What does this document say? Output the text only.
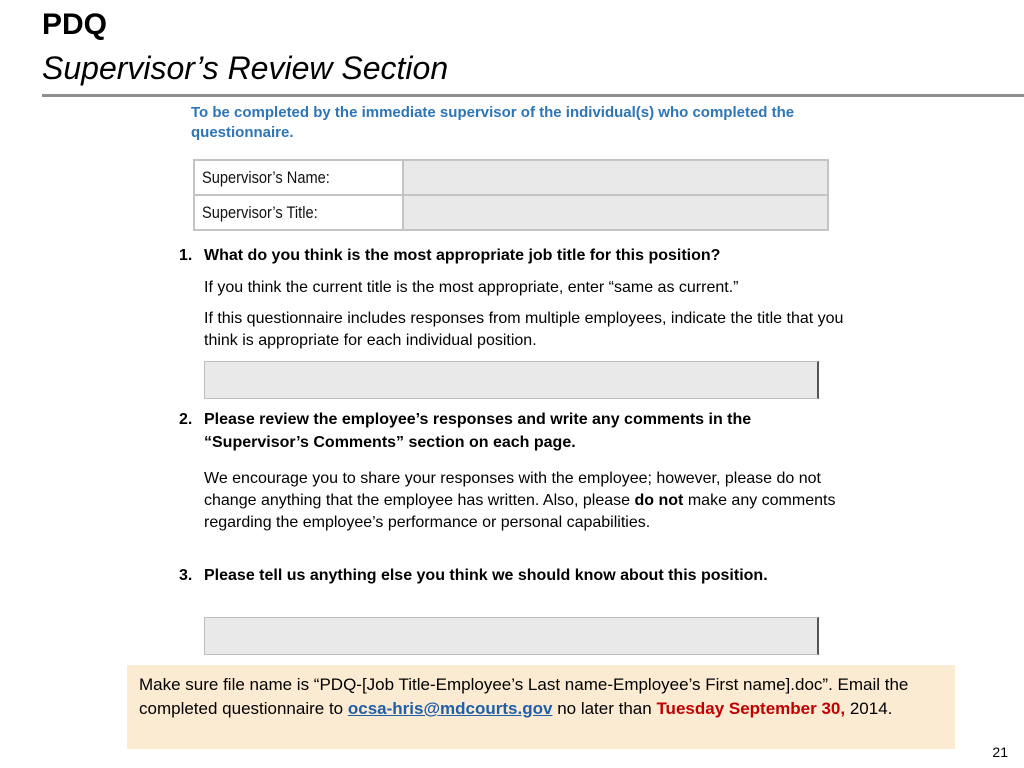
PDQ
Supervisor’s Review Section
To be completed by the immediate supervisor of the individual(s) who completed the questionnaire.
Supervisor’s Name:	
Supervisor’s Title:	
1. What do you think is the most appropriate job title for this position?
If you think the current title is the most appropriate, enter “same as current.”
If this questionnaire includes responses from multiple employees, indicate the title that you think is appropriate for each individual position.
2. Please review the employee’s responses and write any comments in the “Supervisor’s Comments” section on each page.
We encourage you to share your responses with the employee; however, please do not change anything that the employee has written. Also, please do not make any comments regarding the employee’s performance or personal capabilities.
3. Please tell us anything else you think we should know about this position.
Make sure file name is “PDQ-[Job Title-Employee’s Last name-Employee’s First name].doc”. Email the completed questionnaire to ocsa-hris@mdcourts.gov no later than Tuesday September 30, 2014.
21
